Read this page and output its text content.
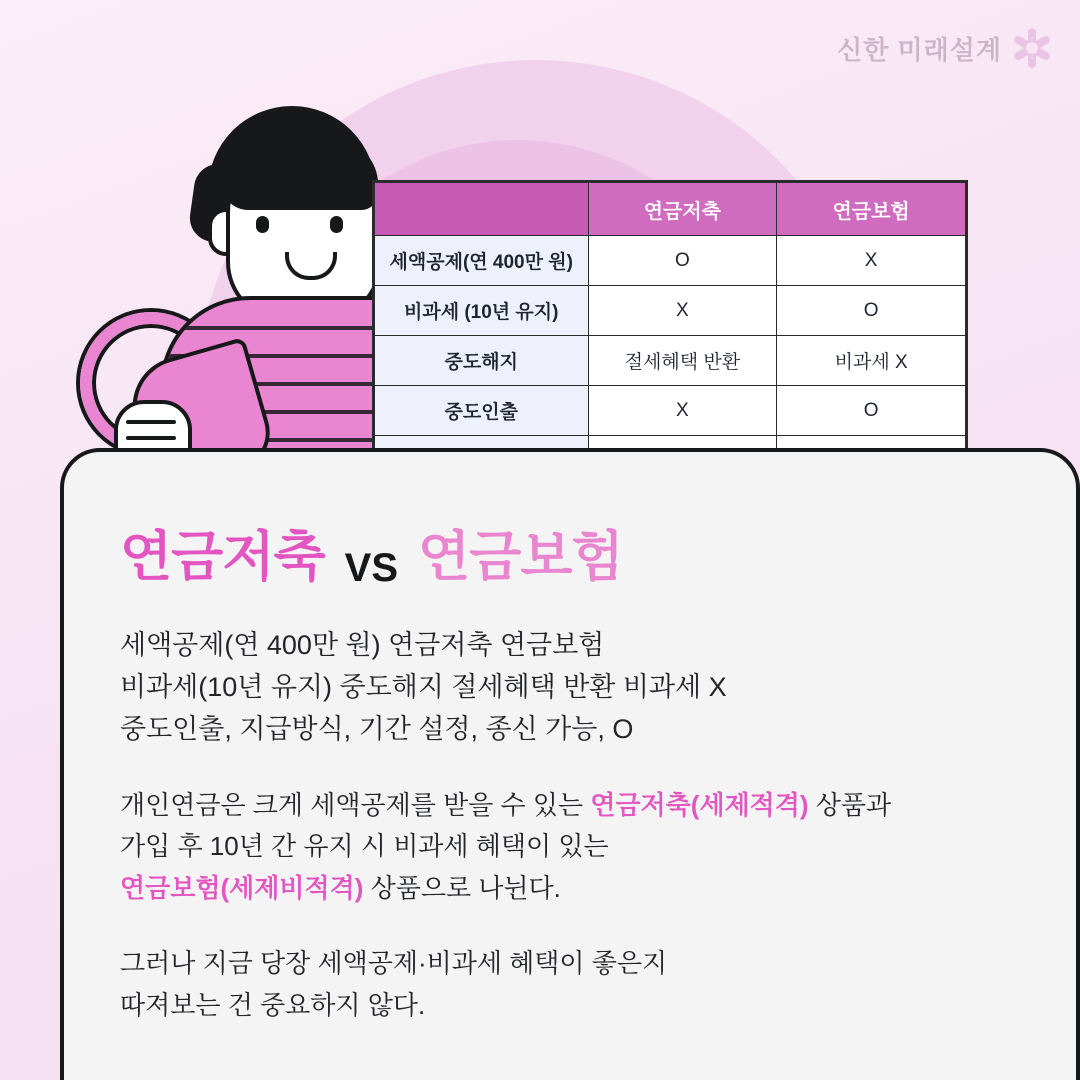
신한 미래설계
	연금저축	연금보험
세액공제(연 400만 원)	O	X
비과세 (10년 유지)	X	O
중도해지	절세혜택 반환	비과세 X
중도인출	X	O

연금저축 VS 연금보험
세액공제(연 400만 원) 연금저축 연금보험
비과세(10년 유지) 중도해지 절세혜택 반환 비과세 X
중도인출, 지급방식, 기간 설정, 종신 가능, O
개인연금은 크게 세액공제를 받을 수 있는 연금저축(세제적격) 상품과
가입 후 10년 간 유지 시 비과세 혜택이 있는
연금보험(세제비적격) 상품으로 나뉜다.
그러나 지금 당장 세액공제·비과세 혜택이 좋은지
따져보는 건 중요하지 않다.
